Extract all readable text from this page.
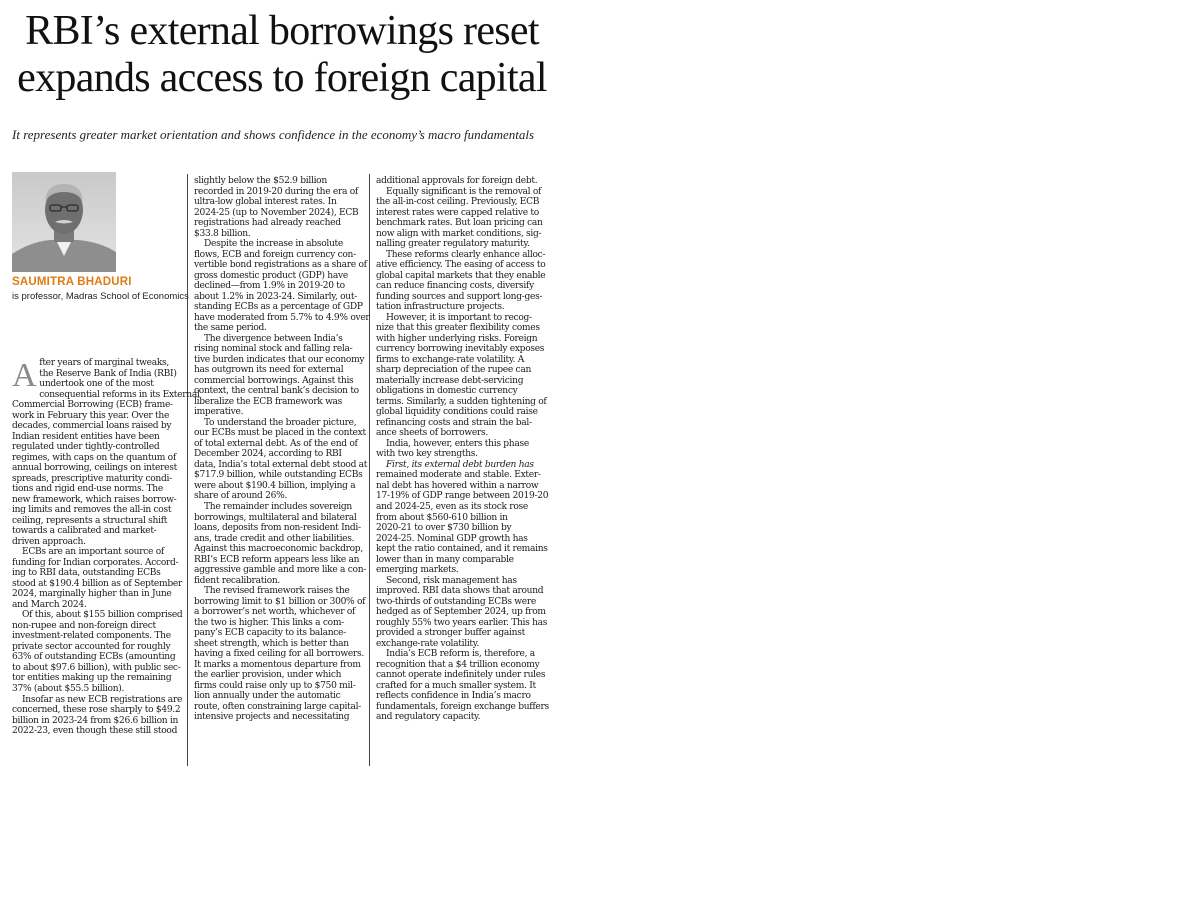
RBI’s external borrowings reset
expands access to foreign capital

It represents greater market orientation and shows confidence in the economy’s macro fundamentals

SAUMITRA BHADURI

is professor, Madras School of Economics

A fter years of marginal tweaks,
the Reserve Bank of India (RBI)
undertook one of the most
consequential reforms in its External
Commercial Borrowing (ECB) frame-
work in February this year. Over the
decades, commercial loans raised by
Indian resident entities have been
regulated under tightly-controlled
regimes, with caps on the quantum of
annual borrowing, ceilings on interest
spreads, prescriptive maturity condi-
tions and rigid end-use norms. The
new framework, which raises borrow-
ing limits and removes the all-in cost
ceiling, represents a structural shift
towards a calibrated and market-
driven approach.

ECBs are an important source of
funding for Indian corporates. Accord-
ing to RBI data, outstanding ECBs
stood at $190.4 billion as of September
2024, marginally higher than in June
and March 2024.

Of this, about $155 billion comprised
non-rupee and non-foreign direct
investment-related components. The
private sector accounted for roughly
63% of outstanding ECBs (amounting
to about $97.6 billion), with public sec-
tor entities making up the remaining
37% (about $55.5 billion).

Insofar as new ECB registrations are
concerned, these rose sharply to $49.2
billion in 2023-24 from $26.6 billion in
2022-23, even though these still stood

slightly below the $52.9 billion
recorded in 2019-20 during the era of
ultra-low global interest rates. In
2024-25 (up to November 2024), ECB
registrations had already reached
$33.8 billion.

Despite the increase in absolute
flows, ECB and foreign currency con-
vertible bond registrations as a share of
gross domestic product (GDP) have
declined—from 1.9% in 2019-20 to
about 1.2% in 2023-24. Similarly, out-
standing ECBs as a percentage of GDP
have moderated from 5.7% to 4.9% over
the same period.

The divergence between India’s
rising nominal stock and falling rela-
tive burden indicates that our economy
has outgrown its need for external
commercial borrowings. Against this
context, the central bank’s decision to
liberalize the ECB framework was
imperative.

To understand the broader picture,
our ECBs must be placed in the context
of total external debt. As of the end of
December 2024, according to RBI
data, India’s total external debt stood at
$717.9 billion, while outstanding ECBs
were about $190.4 billion, implying a
share of around 26%.

The remainder includes sovereign
borrowings, multilateral and bilateral
loans, deposits from non-resident Indi-
ans, trade credit and other liabilities.
Against this macroeconomic backdrop,
RBI’s ECB reform appears less like an
aggressive gamble and more like a con-
fident recalibration.

The revised framework raises the
borrowing limit to $1 billion or 300% of
a borrower’s net worth, whichever of
the two is higher. This links a com-
pany’s ECB capacity to its balance-
sheet strength, which is better than
having a fixed ceiling for all borrowers.
It marks a momentous departure from
the earlier provision, under which
firms could raise only up to $750 mil-
lion annually under the automatic
route, often constraining large capital-
intensive projects and necessitating

additional approvals for foreign debt.

Equally significant is the removal of
the all-in-cost ceiling. Previously, ECB
interest rates were capped relative to
benchmark rates. But loan pricing can
now align with market conditions, sig-
nalling greater regulatory maturity.

These reforms clearly enhance alloc-
ative efficiency. The easing of access to
global capital markets that they enable
can reduce financing costs, diversify
funding sources and support long-ges-
tation infrastructure projects.

However, it is important to recog-
nize that this greater flexibility comes
with higher underlying risks. Foreign
currency borrowing inevitably exposes
firms to exchange-rate volatility. A
sharp depreciation of the rupee can
materially increase debt-servicing
obligations in domestic currency
terms. Similarly, a sudden tightening of
global liquidity conditions could raise
refinancing costs and strain the bal-
ance sheets of borrowers.

India, however, enters this phase
with two key strengths.

First, its external debt burden has
remained moderate and stable. Exter-
nal debt has hovered within a narrow
17-19% of GDP range between 2019-20
and 2024-25, even as its stock rose
from about $560-610 billion in
2020-21 to over $730 billion by
2024-25. Nominal GDP growth has
kept the ratio contained, and it remains
lower than in many comparable
emerging markets.

Second, risk management has
improved. RBI data shows that around
two-thirds of outstanding ECBs were
hedged as of September 2024, up from
roughly 55% two years earlier. This has
provided a stronger buffer against
exchange-rate volatility.

India’s ECB reform is, therefore, a
recognition that a $4 trillion economy
cannot operate indefinitely under rules
crafted for a much smaller system. It
reflects confidence in India’s macro
fundamentals, foreign exchange buffers
and regulatory capacity.
